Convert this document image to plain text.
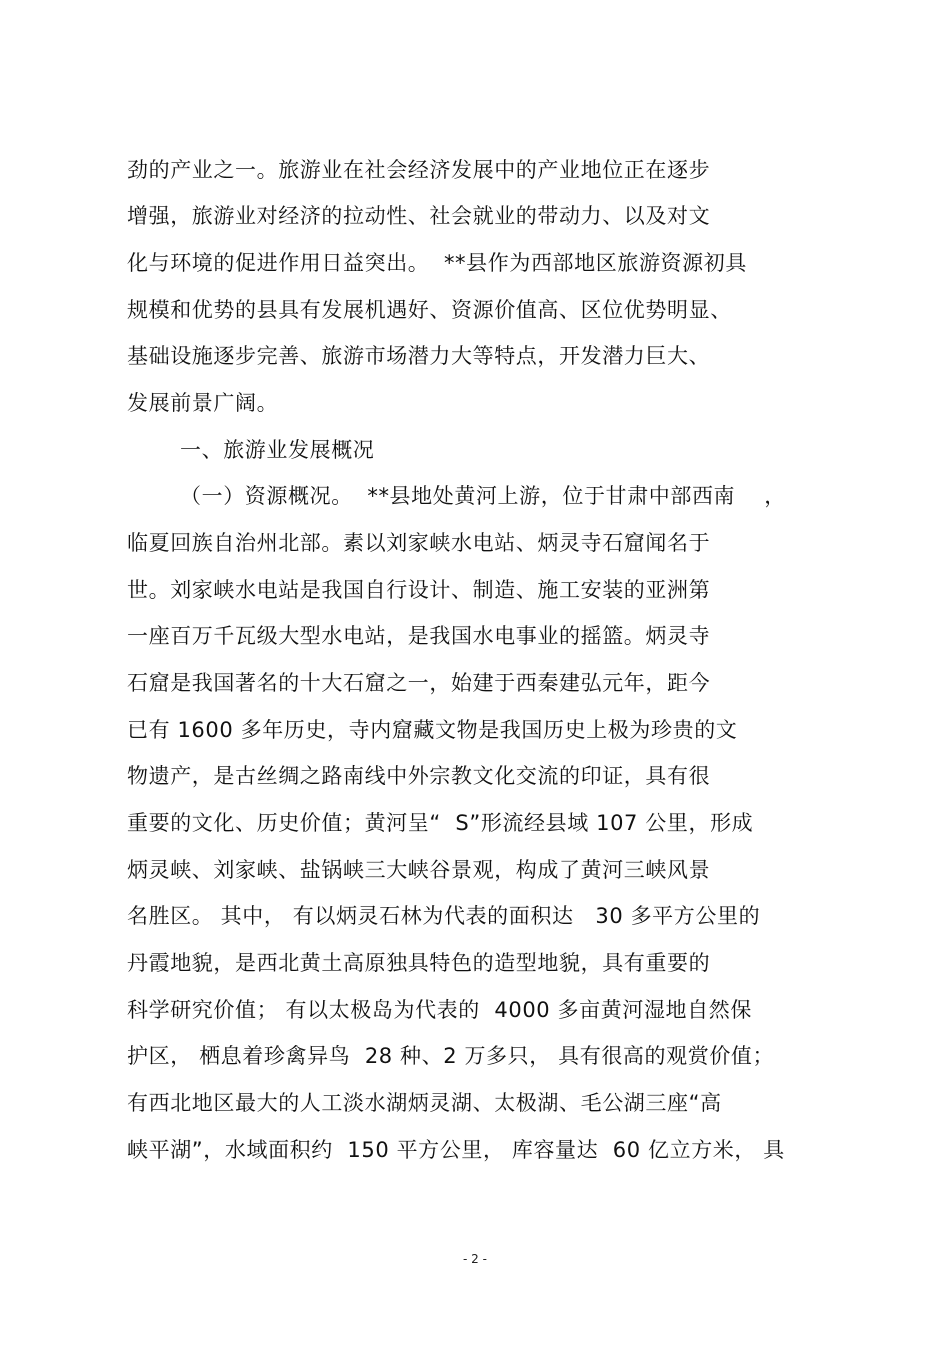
劲的产业之一。旅游业在社会经济发展中的产业地位正在逐步
增强，旅游业对经济的拉动性、社会就业的带动力、以及对文
化与环境的促进作用日益突出。  **县作为西部地区旅游资源初具
规模和优势的县具有发展机遇好、资源价值高、区位优势明显、
基础设施逐步完善、旅游市场潜力大等特点，开发潜力巨大、
发展前景广阔。
一、旅游业发展概况
（一）资源概况。  **县地处黄河上游，位于甘肃中部西南    ，
临夏回族自治州北部。素以刘家峡水电站、炳灵寺石窟闻名于
世。刘家峡水电站是我国自行设计、制造、施工安装的亚洲第
一座百万千瓦级大型水电站，是我国水电事业的摇篮。炳灵寺
石窟是我国著名的十大石窟之一，始建于西秦建弘元年，距今
已有 1600 多年历史，寺内窟藏文物是我国历史上极为珍贵的文
物遗产，是古丝绸之路南线中外宗教文化交流的印证，具有很
重要的文化、历史价值；黄河呈“  S”形流经县域 107 公里，形成
炳灵峡、刘家峡、盐锅峡三大峡谷景观，构成了黄河三峡风景
名胜区。 其中， 有以炳灵石林为代表的面积达   30 多平方公里的
丹霞地貌，是西北黄土高原独具特色的造型地貌，具有重要的
科学研究价值； 有以太极岛为代表的  4000 多亩黄河湿地自然保
护区， 栖息着珍禽异鸟  28 种、2 万多只， 具有很高的观赏价值；
有西北地区最大的人工淡水湖炳灵湖、太极湖、毛公湖三座“高
峡平湖”，水域面积约  150 平方公里， 库容量达  60 亿立方米， 具
- 2 -
